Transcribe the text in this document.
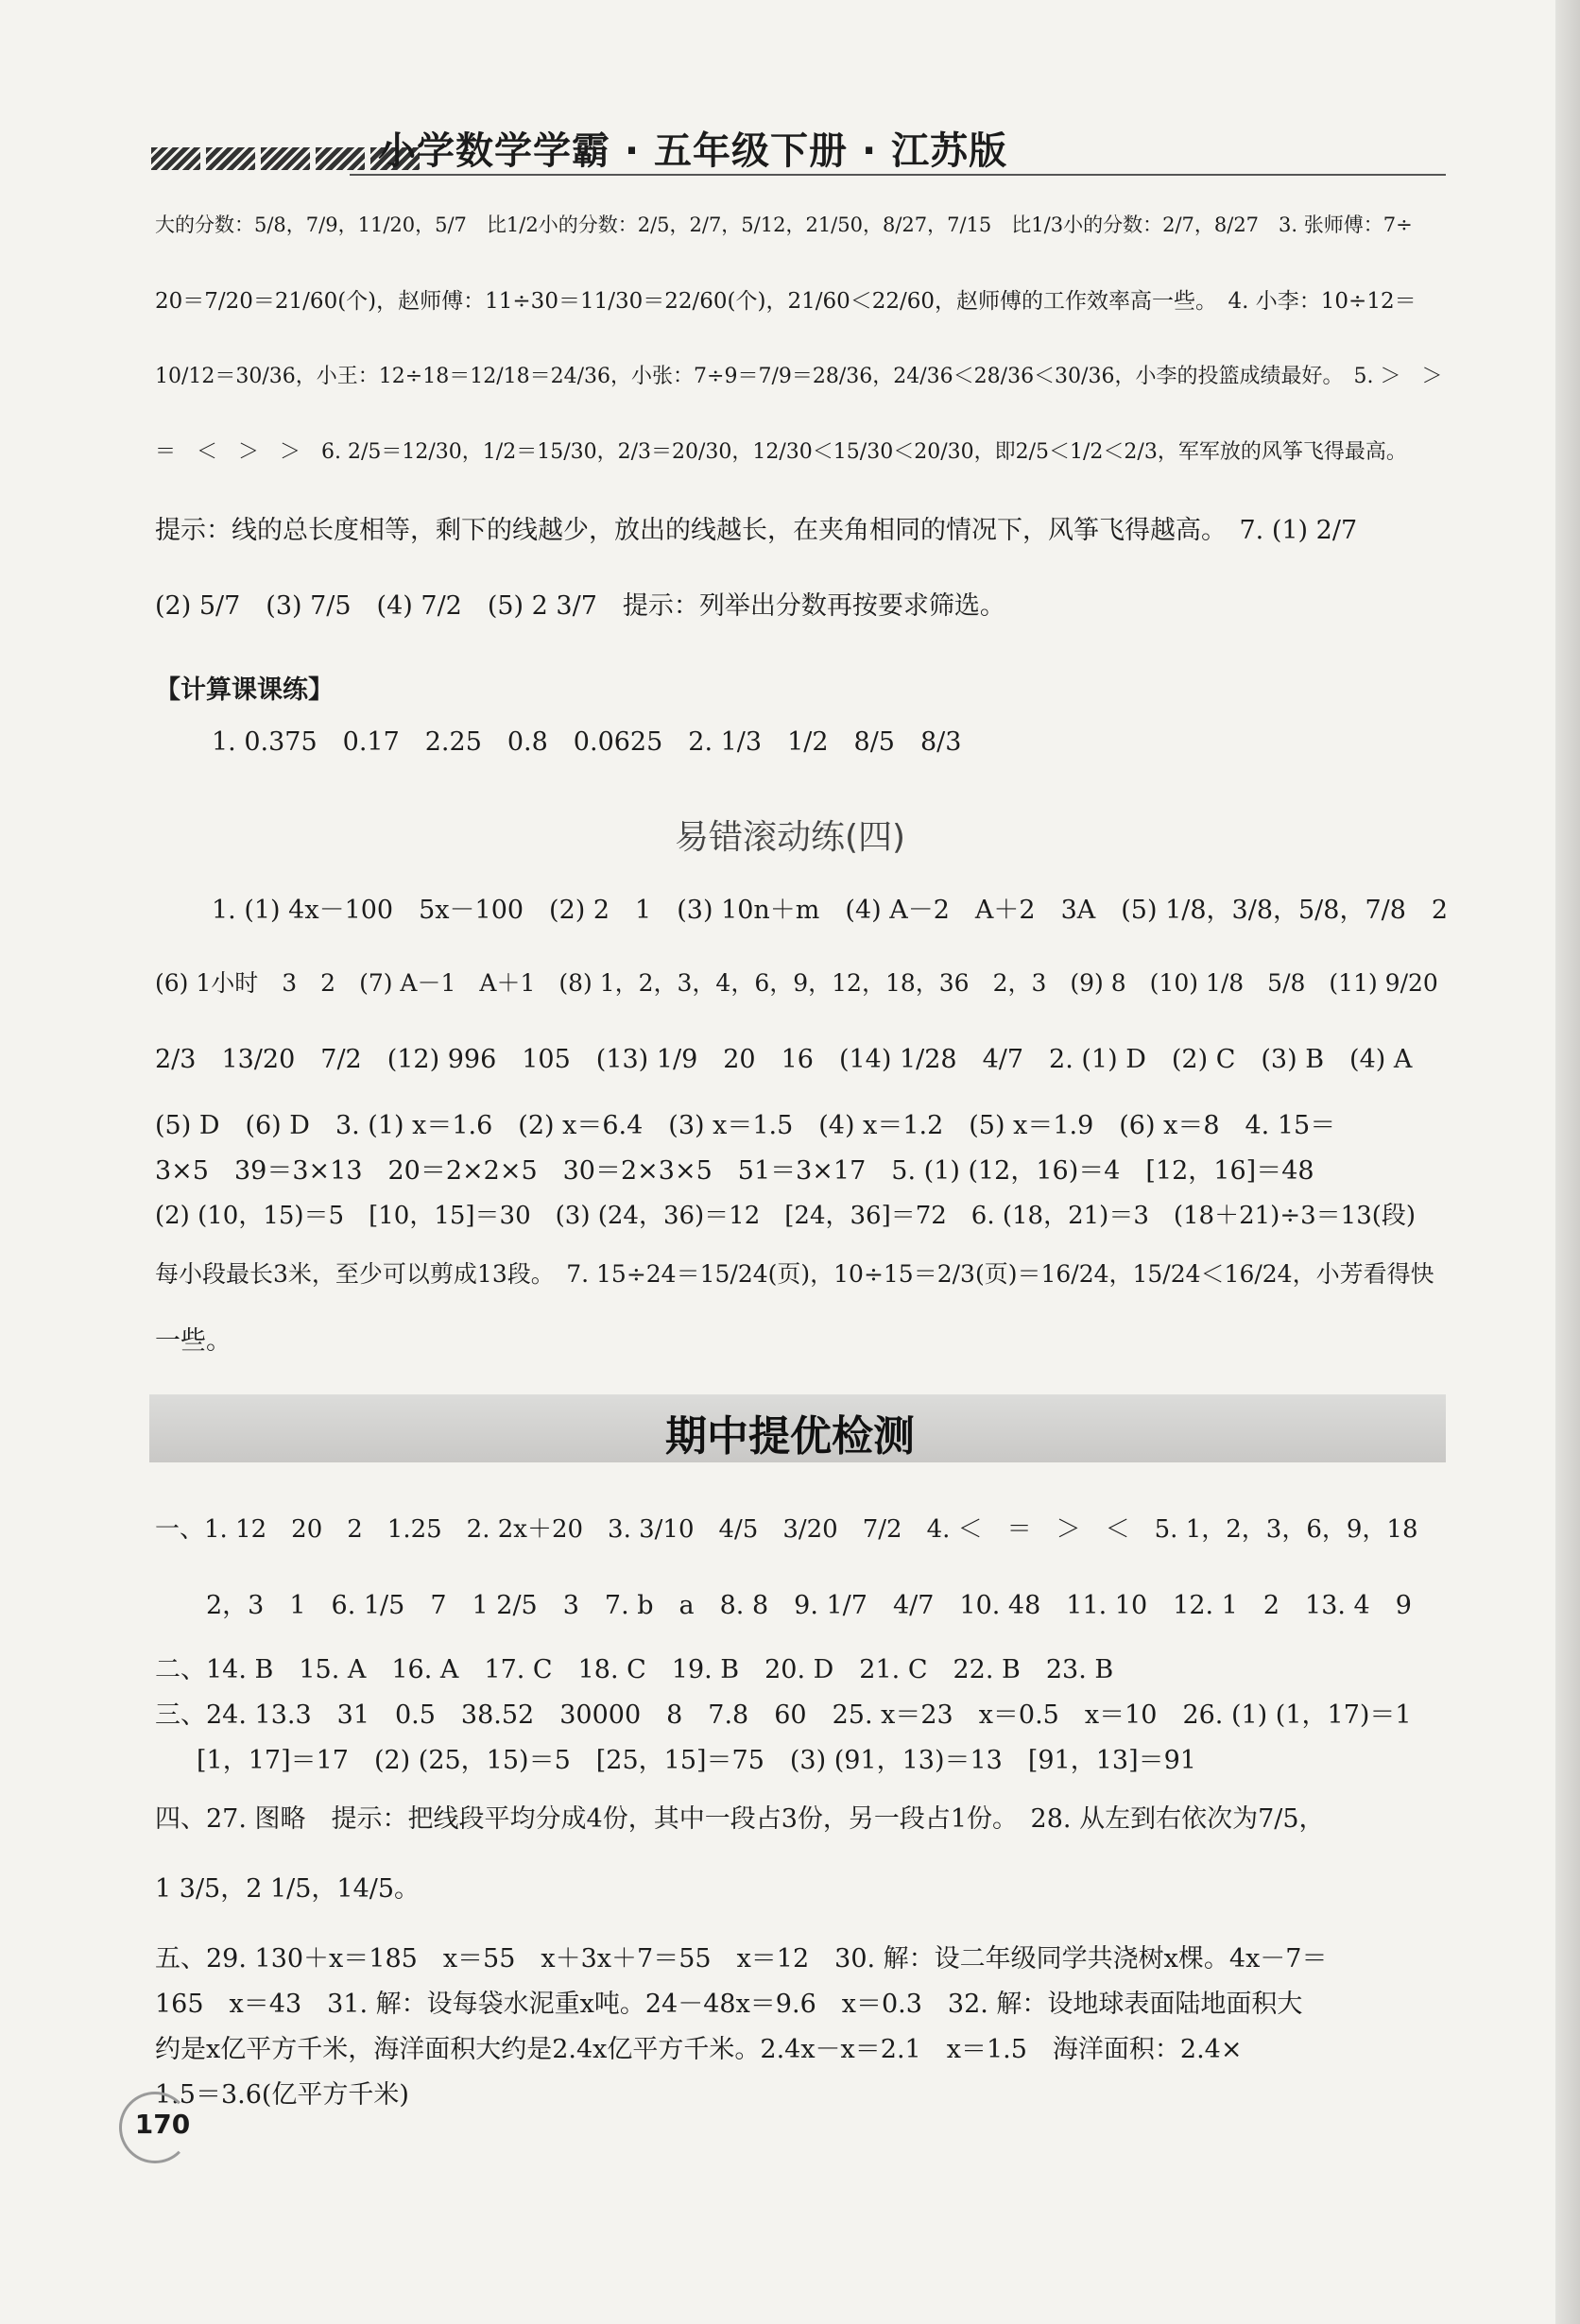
小学数学学霸 · 五年级下册 · 江苏版
大的分数：5/8，7/9，11/20，5/7　比1/2小的分数：2/5，2/7，5/12，21/50，8/27，7/15　比1/3小的分数：2/7，8/27　3. 张师傅：7÷
20＝7/20＝21/60(个)，赵师傅：11÷30＝11/30＝22/60(个)，21/60＜22/60，赵师傅的工作效率高一些。　4. 小李：10÷12＝
10/12＝30/36，小王：12÷18＝12/18＝24/36，小张：7÷9＝7/9＝28/36，24/36＜28/36＜30/36，小李的投篮成绩最好。　5. ＞　＞
＝　＜　＞　＞　6. 2/5＝12/30，1/2＝15/30，2/3＝20/30，12/30＜15/30＜20/30，即2/5＜1/2＜2/3，军军放的风筝飞得最高。
提示：线的总长度相等，剩下的线越少，放出的线越长，在夹角相同的情况下，风筝飞得越高。　7. (1) 2/7
(2) 5/7　(3) 7/5　(4) 7/2　(5) 2 3/7　提示：列举出分数再按要求筛选。
【计算课课练】
1. 0.375　0.17　2.25　0.8　0.0625　2. 1/3　1/2　8/5　8/3
易错滚动练(四)
1. (1) 4x－100　5x－100　(2) 2　1　(3) 10n＋m　(4) A－2　A＋2　3A　(5) 1/8，3/8，5/8，7/8　2
(6) 1小时　3　2　(7) A－1　A＋1　(8) 1，2，3，4，6，9，12，18，36　2，3　(9) 8　(10) 1/8　5/8　(11) 9/20
2/3　13/20　7/2　(12) 996　105　(13) 1/9　20　16　(14) 1/28　4/7　2. (1) D　(2) C　(3) B　(4) A
(5) D　(6) D　3. (1) x＝1.6　(2) x＝6.4　(3) x＝1.5　(4) x＝1.2　(5) x＝1.9　(6) x＝8　4. 15＝
3×5　39＝3×13　20＝2×2×5　30＝2×3×5　51＝3×17　5. (1) (12，16)＝4　[12，16]＝48
(2) (10，15)＝5　[10，15]＝30　(3) (24，36)＝12　[24，36]＝72　6. (18，21)＝3　(18＋21)÷3＝13(段)
每小段最长3米，至少可以剪成13段。　7. 15÷24＝15/24(页)，10÷15＝2/3(页)＝16/24，15/24＜16/24，小芳看得快
一些。
期中提优检测
一、1. 12　20　2　1.25　2. 2x＋20　3. 3/10　4/5　3/20　7/2　4. ＜　＝　＞　＜　5. 1，2，3，6，9，18
2，3　1　6. 1/5　7　1 2/5　3　7. b　a　8. 8　9. 1/7　4/7　10. 48　11. 10　12. 1　2　13. 4　9
二、14. B　15. A　16. A　17. C　18. C　19. B　20. D　21. C　22. B　23. B
三、24. 13.3　31　0.5　38.52　30000　8　7.8　60　25. x＝23　x＝0.5　x＝10　26. (1) (1，17)＝1
[1，17]＝17　(2) (25，15)＝5　[25，15]＝75　(3) (91，13)＝13　[91，13]＝91
四、27. 图略　提示：把线段平均分成4份，其中一段占3份，另一段占1份。　28. 从左到右依次为7/5，
1 3/5，2 1/5，14/5。
五、29. 130＋x＝185　x＝55　x＋3x＋7＝55　x＝12　30. 解：设二年级同学共浇树x棵。4x－7＝
165　x＝43　31. 解：设每袋水泥重x吨。24－48x＝9.6　x＝0.3　32. 解：设地球表面陆地面积大
约是x亿平方千米，海洋面积大约是2.4x亿平方千米。2.4x－x＝2.1　x＝1.5　海洋面积：2.4×
1.5＝3.6(亿平方千米)
170
